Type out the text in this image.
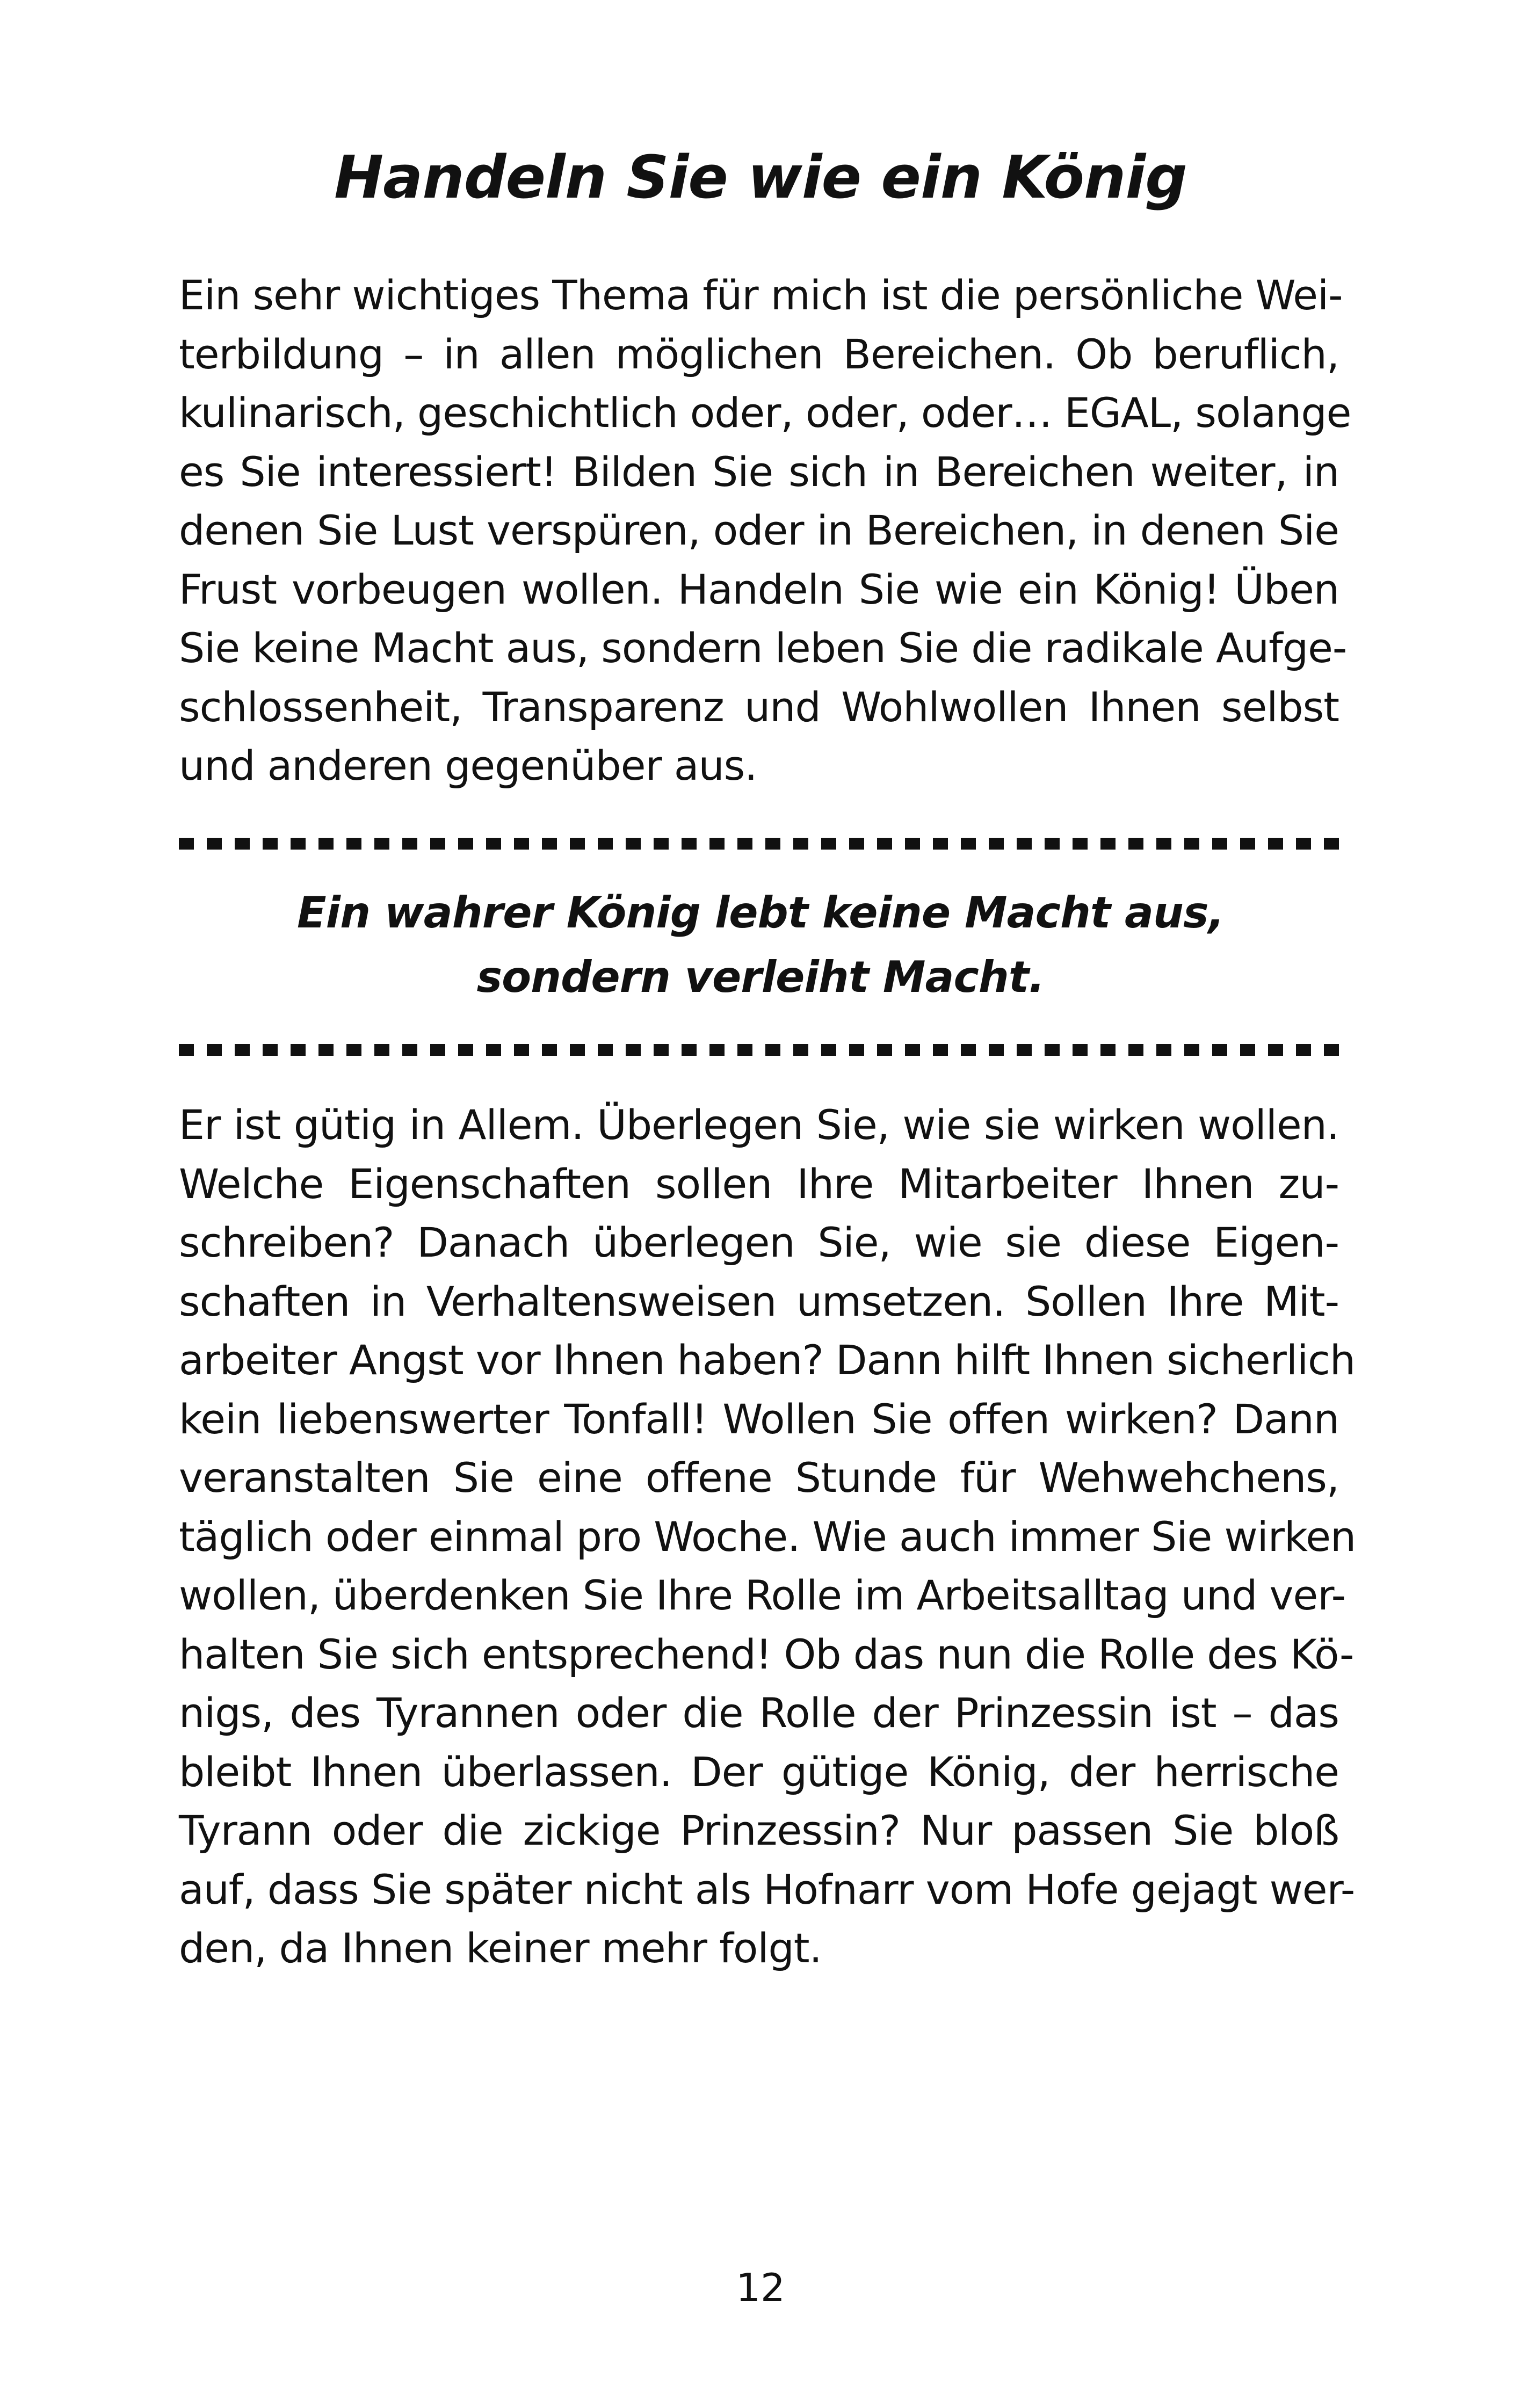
Handeln Sie wie ein König

Ein sehr wichtiges Thema für mich ist die persönliche Wei-
terbildung – in allen möglichen Bereichen. Ob beruflich,
kulinarisch, geschichtlich oder, oder, oder… EGAL, solange
es Sie interessiert! Bilden Sie sich in Bereichen weiter, in
denen Sie Lust verspüren, oder in Bereichen, in denen Sie
Frust vorbeugen wollen. Handeln Sie wie ein König! Üben
Sie keine Macht aus, sondern leben Sie die radikale Aufge-
schlossenheit, Transparenz und Wohlwollen Ihnen selbst
und anderen gegenüber aus.

Ein wahrer König lebt keine Macht aus,
sondern verleiht Macht.

Er ist gütig in Allem. Überlegen Sie, wie sie wirken wollen.
Welche Eigenschaften sollen Ihre Mitarbeiter Ihnen zu-
schreiben? Danach überlegen Sie, wie sie diese Eigen-
schaften in Verhaltensweisen umsetzen. Sollen Ihre Mit-
arbeiter Angst vor Ihnen haben? Dann hilft Ihnen sicherlich
kein liebenswerter Tonfall! Wollen Sie offen wirken? Dann
veranstalten Sie eine offene Stunde für Wehwehchens,
täglich oder einmal pro Woche. Wie auch immer Sie wirken
wollen, überdenken Sie Ihre Rolle im Arbeitsalltag und ver-
halten Sie sich entsprechend! Ob das nun die Rolle des Kö-
nigs, des Tyrannen oder die Rolle der Prinzessin ist – das
bleibt Ihnen überlassen. Der gütige König, der herrische
Tyrann oder die zickige Prinzessin? Nur passen Sie bloß
auf, dass Sie später nicht als Hofnarr vom Hofe gejagt wer-
den, da Ihnen keiner mehr folgt.

12
